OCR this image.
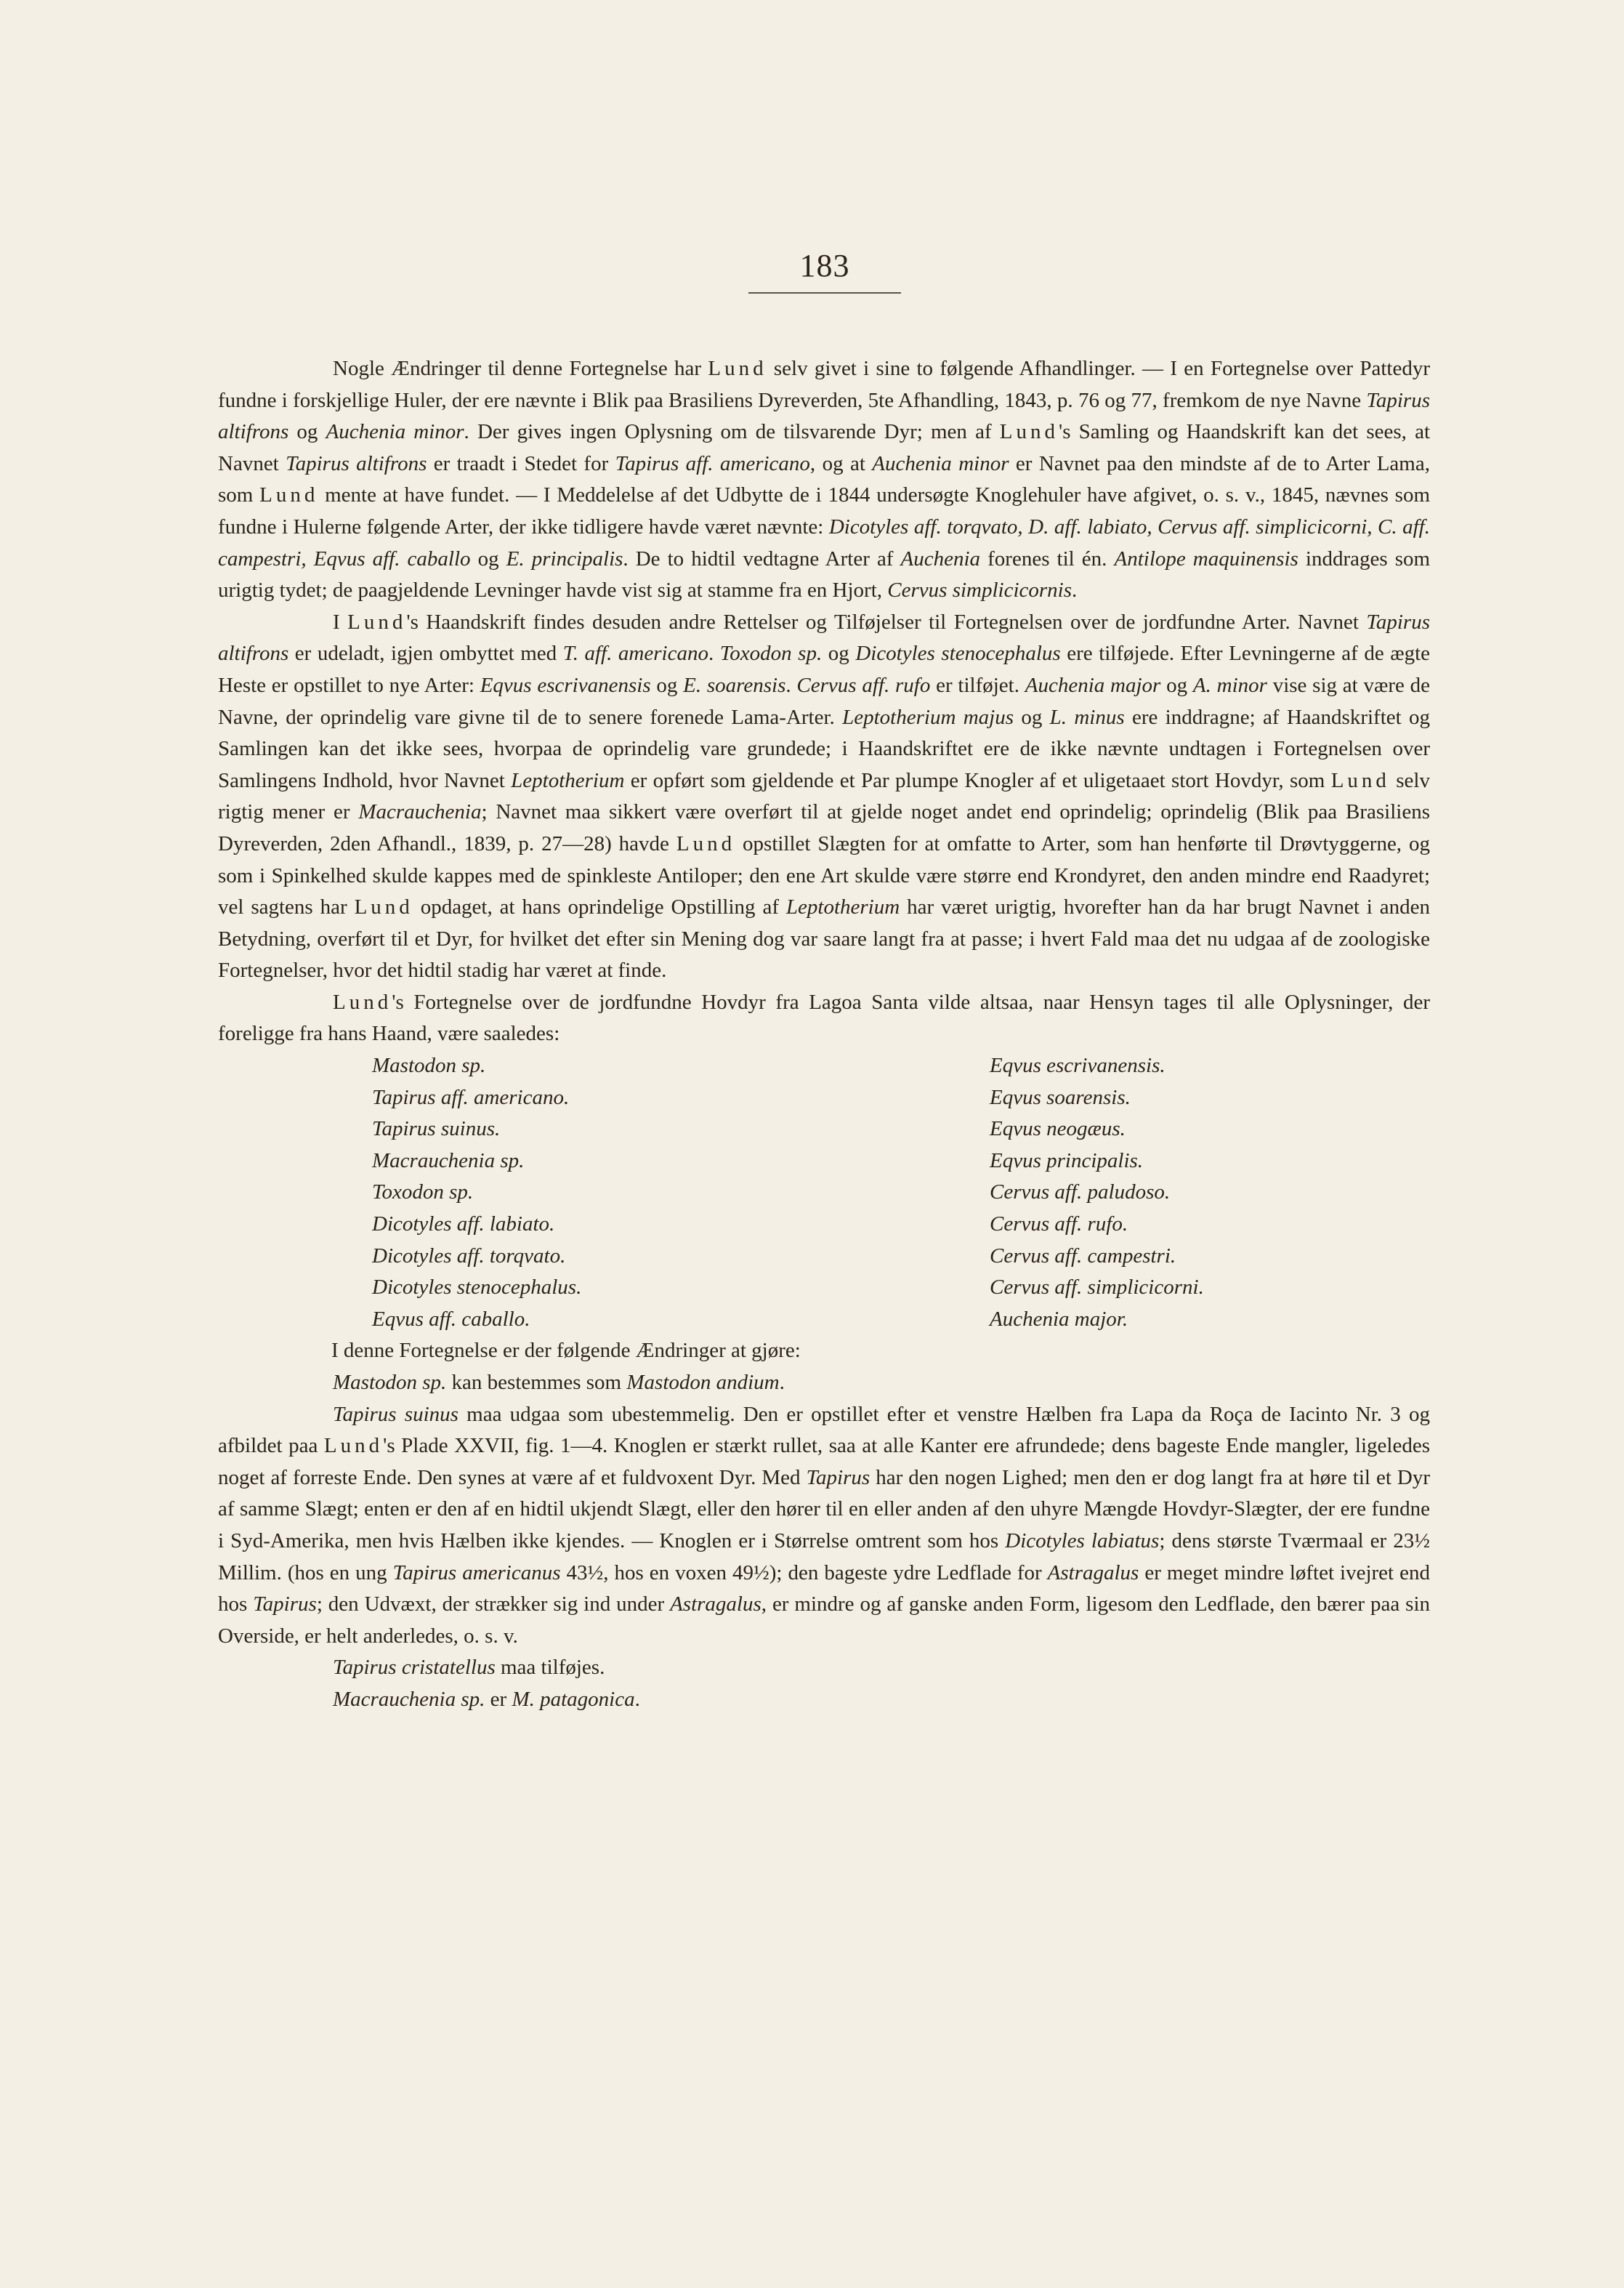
183

Nogle Ændringer til denne Fortegnelse har Lund selv givet i sine to følgende Afhandlinger. — I en Fortegnelse over Pattedyr fundne i forskjellige Huler, der ere nævnte i Blik paa Brasiliens Dyreverden, 5te Afhandling, 1843, p. 76 og 77, fremkom de nye Navne Tapirus altifrons og Auchenia minor. Der gives ingen Oplysning om de tilsvarende Dyr; men af Lund's Samling og Haandskrift kan det sees, at Navnet Tapirus altifrons er traadt i Stedet for Tapirus aff. americano, og at Auchenia minor er Navnet paa den mindste af de to Arter Lama, som Lund mente at have fundet. — I Meddelelse af det Udbytte de i 1844 undersøgte Knoglehuler have afgivet, o. s. v., 1845, nævnes som fundne i Hulerne følgende Arter, der ikke tidligere havde været nævnte: Dicotyles aff. torqvato, D. aff. labiato, Cervus aff. simplicicorni, C. aff. campestri, Eqvus aff. caballo og E. principalis. De to hidtil vedtagne Arter af Auchenia forenes til én. Antilope maquinensis inddrages som urigtig tydet; de paagjeldende Levninger havde vist sig at stamme fra en Hjort, Cervus simplicicornis.

I Lund's Haandskrift findes desuden andre Rettelser og Tilføjelser til Fortegnelsen over de jordfundne Arter. Navnet Tapirus altifrons er udeladt, igjen ombyttet med T. aff. americano. Toxodon sp. og Dicotyles stenocephalus ere tilføjede. Efter Levningerne af de ægte Heste er opstillet to nye Arter: Eqvus escrivanensis og E. soarensis. Cervus aff. rufo er tilføjet. Auchenia major og A. minor vise sig at være de Navne, der oprindelig vare givne til de to senere forenede Lama-Arter. Leptotherium majus og L. minus ere inddragne; af Haandskriftet og Samlingen kan det ikke sees, hvorpaa de oprindelig vare grundede; i Haandskriftet ere de ikke nævnte undtagen i Fortegnelsen over Samlingens Indhold, hvor Navnet Leptotherium er opført som gjeldende et Par plumpe Knogler af et uligetaaet stort Hovdyr, som Lund selv rigtig mener er Macrauchenia; Navnet maa sikkert være overført til at gjelde noget andet end oprindelig; oprindelig (Blik paa Brasiliens Dyreverden, 2den Afhandl., 1839, p. 27—28) havde Lund opstillet Slægten for at omfatte to Arter, som han henførte til Drøvtyggerne, og som i Spinkelhed skulde kappes med de spinkleste Antiloper; den ene Art skulde være større end Krondyret, den anden mindre end Raadyret; vel sagtens har Lund opdaget, at hans oprindelige Opstilling af Leptotherium har været urigtig, hvorefter han da har brugt Navnet i anden Betydning, overført til et Dyr, for hvilket det efter sin Mening dog var saare langt fra at passe; i hvert Fald maa det nu udgaa af de zoologiske Fortegnelser, hvor det hidtil stadig har været at finde.

Lund's Fortegnelse over de jordfundne Hovdyr fra Lagoa Santa vilde altsaa, naar Hensyn tages til alle Oplysninger, der foreligge fra hans Haand, være saaledes:

Mastodon sp.
Tapirus aff. americano.
Tapirus suinus.
Macrauchenia sp.
Toxodon sp.
Dicotyles aff. labiato.
Dicotyles aff. torqvato.
Dicotyles stenocephalus.
Eqvus aff. caballo.
Eqvus escrivanensis.
Eqvus soarensis.
Eqvus neogæus.
Eqvus principalis.
Cervus aff. paludoso.
Cervus aff. rufo.
Cervus aff. campestri.
Cervus aff. simplicicorni.
Auchenia major.

I denne Fortegnelse er der følgende Ændringer at gjøre:

Mastodon sp. kan bestemmes som Mastodon andium.

Tapirus suinus maa udgaa som ubestemmelig. Den er opstillet efter et venstre Hælben fra Lapa da Roça de Iacinto Nr. 3 og afbildet paa Lund's Plade XXVII, fig. 1—4. Knoglen er stærkt rullet, saa at alle Kanter ere afrundede; dens bageste Ende mangler, ligeledes noget af forreste Ende. Den synes at være af et fuldvoxent Dyr. Med Tapirus har den nogen Lighed; men den er dog langt fra at høre til et Dyr af samme Slægt; enten er den af en hidtil ukjendt Slægt, eller den hører til en eller anden af den uhyre Mængde Hovdyr-Slægter, der ere fundne i Syd-Amerika, men hvis Hælben ikke kjendes. — Knoglen er i Størrelse omtrent som hos Dicotyles labiatus; dens største Tværmaal er 23½ Millim. (hos en ung Tapirus americanus 43½, hos en voxen 49½); den bageste ydre Ledflade for Astragalus er meget mindre løftet ivejret end hos Tapirus; den Udvæxt, der strækker sig ind under Astragalus, er mindre og af ganske anden Form, ligesom den Ledflade, den bærer paa sin Overside, er helt anderledes, o. s. v.

Tapirus cristatellus maa tilføjes.

Macrauchenia sp. er M. patagonica.
